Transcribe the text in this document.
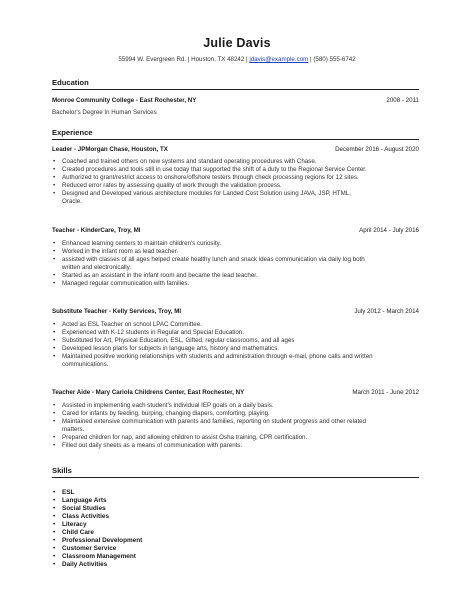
Julie Davis
55994 W. Evergreen Rd. | Houston, TX 48242 | jdavis@example.com | (580) 555-6742
Education
Monroe Community College - East Rochester, NY	2008 - 2011
Bachelor's Degree In Human Services
Experience
Leader - JPMorgan Chase, Houston, TX	December 2016 - August 2020
• Coached and trained others on new systems and standard operating procedures with Chase.
• Created procedures and tools still in use today that supported the shift of a duty to the Regional Service Center.
• Authorized to grant/restrict access to onshore/offshore testers through check processing regions for 12 sites.
• Reduced error rates by assessing quality of work through the validation process.
• Designed and Developed various architecture modules for Landed Cost Solution using JAVA, JSP, HTML,
Oracle.
Teacher - KinderCare, Troy, MI	April 2014 - July 2016
• Enhanced learning centers to maintain children's curiosity.
• Worked in the infant room as lead teacher.
• assisted with classes of all ages helped create healthy lunch and snack ideas communication via daily log both
written and electronically.
• Started as an assistant in the infant room and became the lead teacher.
• Managed regular communication with families.
Substitute Teacher - Kelly Services, Troy, MI	July 2012 - March 2014
• Acted as ESL Teacher on school LPAC Committee.
• Experienced with K-12 students in Regular and Special Education.
• Substituted for Art, Physical Education, ESL, Gifted, regular classrooms, and all ages
• Developed lesson plans for subjects in language arts, history and mathematics.
• Maintained positive working relationships with students and administration through e-mail, phone calls and written
communications.
Teacher Aide - Mary Cariola Childrens Center, East Rochester, NY	March 2011 - June 2012
• Assisted in implementing each student's individual IEP goals on a daily basis.
• Cared for infants by feeding, burping, changing diapers, comforting, playing.
• Maintained extensive communication with parents and families, reporting on student progress and other related
matters.
• Prepared children for nap, and allowing children to assist Osha training, CPR certification.
• Filled out daily sheets as a means of communication with parents.
Skills
• ESL
• Language Arts
• Social Studies
• Class Activities
• Literacy
• Child Care
• Professional Development
• Customer Service
• Classroom Management
• Daily Activities
